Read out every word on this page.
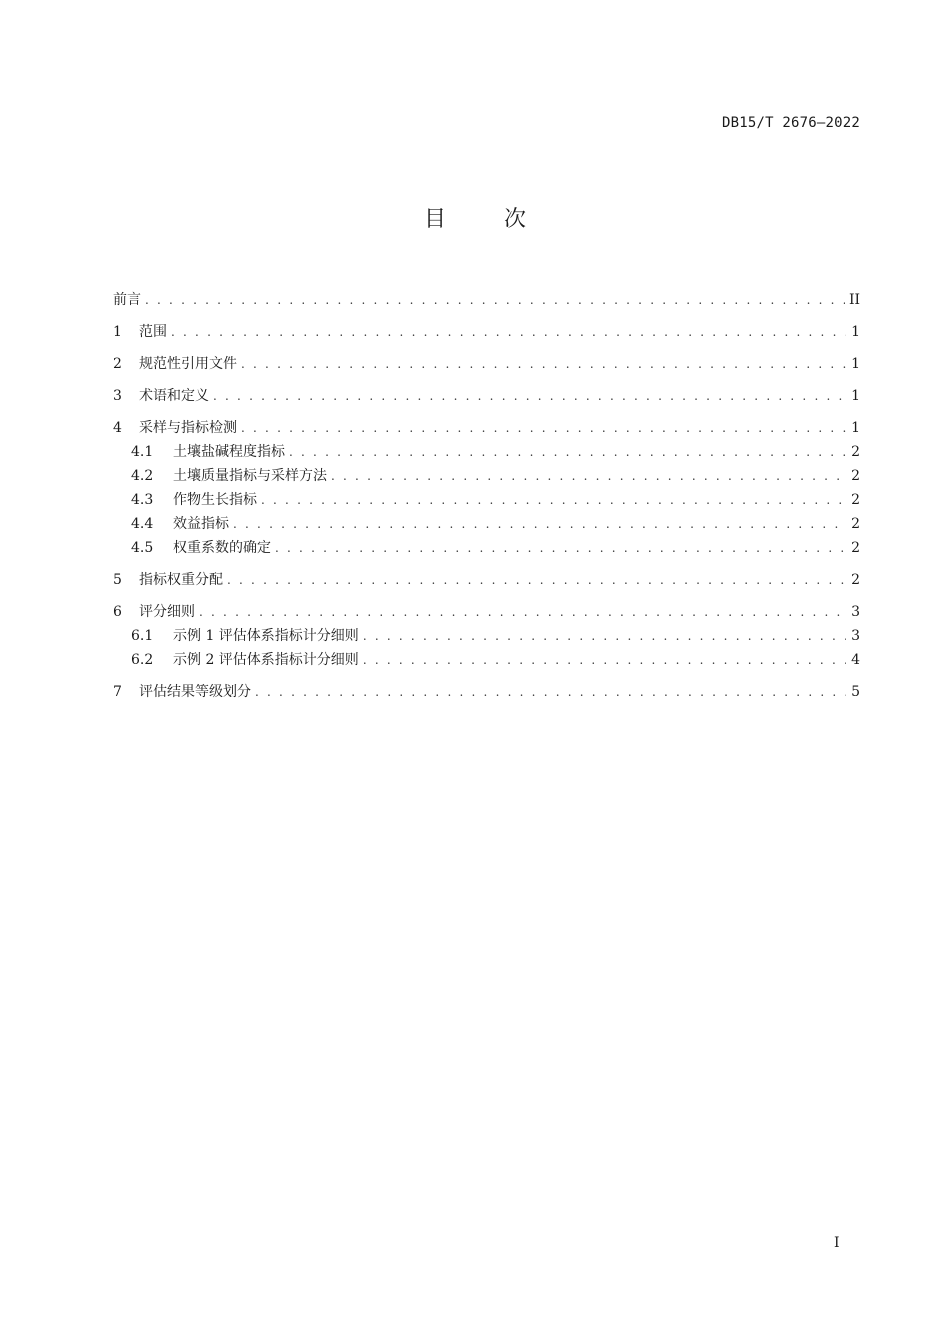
DB15/T 2676—2022
目	次
前言 . . .	II
1	范围 . . .	1
2	规范性引用文件 . . .	1
3	术语和定义 . . .	1
4	采样与指标检测 . . .	1
4.1	土壤盐碱程度指标 . . .	2
4.2	土壤质量指标与采样方法 . . .	2
4.3	作物生长指标 . . .	2
4.4	效益指标 . . .	2
4.5	权重系数的确定 . . .	2
5	指标权重分配 . . .	2
6	评分细则 . . .	3
6.1	示例 1 评估体系指标计分细则 . . .	3
6.2	示例 2 评估体系指标计分细则 . . .	4
7	评估结果等级划分 . . .	5
I
